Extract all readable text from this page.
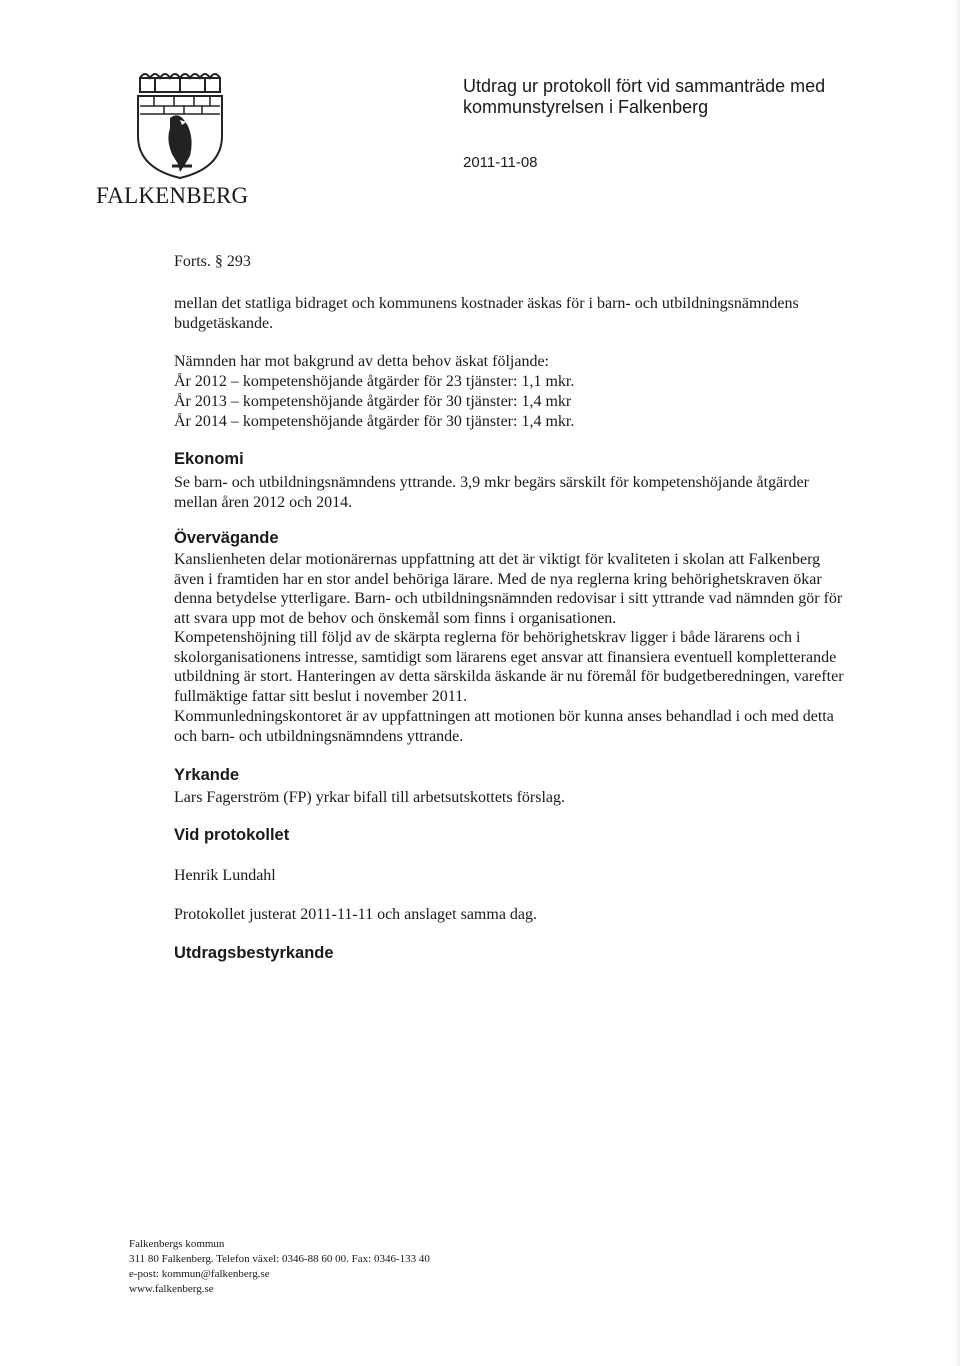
FALKENBERG
Utdrag ur protokoll fört vid sammanträde med kommunstyrelsen i Falkenberg
2011-11-08

Forts. § 293

mellan det statliga bidraget och kommunens kostnader äskas för i barn- och utbildningsnämndens budgetäskande.

Nämnden har mot bakgrund av detta behov äskat följande:

År 2012 – kompetenshöjande åtgärder för 23 tjänster: 1,1 mkr.

År 2013 – kompetenshöjande åtgärder för 30 tjänster: 1,4 mkr

År 2014 – kompetenshöjande åtgärder för 30 tjänster: 1,4 mkr.

Ekonomi

Se barn- och utbildningsnämndens yttrande. 3,9 mkr begärs särskilt för kompetenshöjande åtgärder mellan åren 2012 och 2014.

Övervägande

Kanslienheten delar motionärernas uppfattning att det är viktigt för kvaliteten i skolan att Falkenberg även i framtiden har en stor andel behöriga lärare. Med de nya reglerna kring behörighetskraven ökar denna betydelse ytterligare. Barn- och utbildningsnämnden redovisar i sitt yttrande vad nämnden gör för att svara upp mot de behov och önskemål som finns i organisationen.

Kompetenshöjning till följd av de skärpta reglerna för behörighetskrav ligger i både lärarens och i skolorganisationens intresse, samtidigt som lärarens eget ansvar att finansiera eventuell kompletterande utbildning är stort. Hanteringen av detta särskilda äskande är nu föremål för budgetberedningen, varefter fullmäktige fattar sitt beslut i november 2011.

Kommunledningskontoret är av uppfattningen att motionen bör kunna anses behandlad i och med detta och barn- och utbildningsnämndens yttrande.

Yrkande

Lars Fagerström (FP) yrkar bifall till arbetsutskottets förslag.

Vid protokollet

Henrik Lundahl

Protokollet justerat 2011-11-11 och anslaget samma dag.

Utdragsbestyrkande
Falkenbergs kommun
311 80 Falkenberg. Telefon växel: 0346-88 60 00. Fax: 0346-133 40
e-post: kommun@falkenberg.se
www.falkenberg.se
